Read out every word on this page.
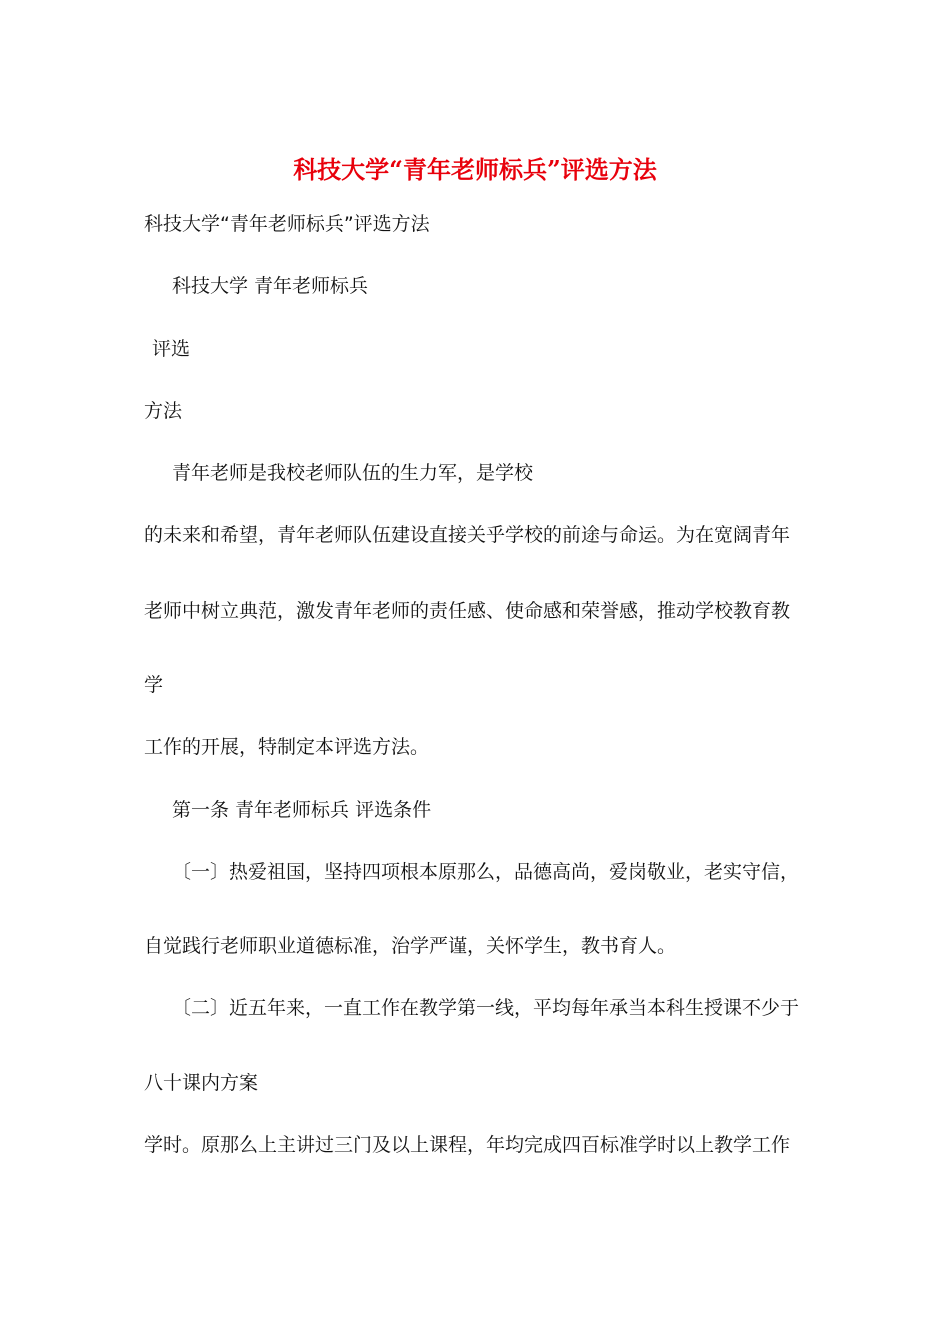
科技大学“青年老师标兵”评选方法
科技大学“青年老师标兵”评选方法
科技大学 青年老师标兵
评选
方法
青年老师是我校老师队伍的生力军，是学校
的未来和希望，青年老师队伍建设直接关乎学校的前途与命运。为在宽阔青年
老师中树立典范，激发青年老师的责任感、使命感和荣誉感，推动学校教育教
学
工作的开展，特制定本评选方法。
第一条 青年老师标兵 评选条件
〔一〕热爱祖国，坚持四项根本原那么，品德高尚，爱岗敬业，老实守信，
自觉践行老师职业道德标准，治学严谨，关怀学生，教书育人。
〔二〕近五年来，一直工作在教学第一线，平均每年承当本科生授课不少于
八十课内方案
学时。原那么上主讲过三门及以上课程，年均完成四百标准学时以上教学工作
